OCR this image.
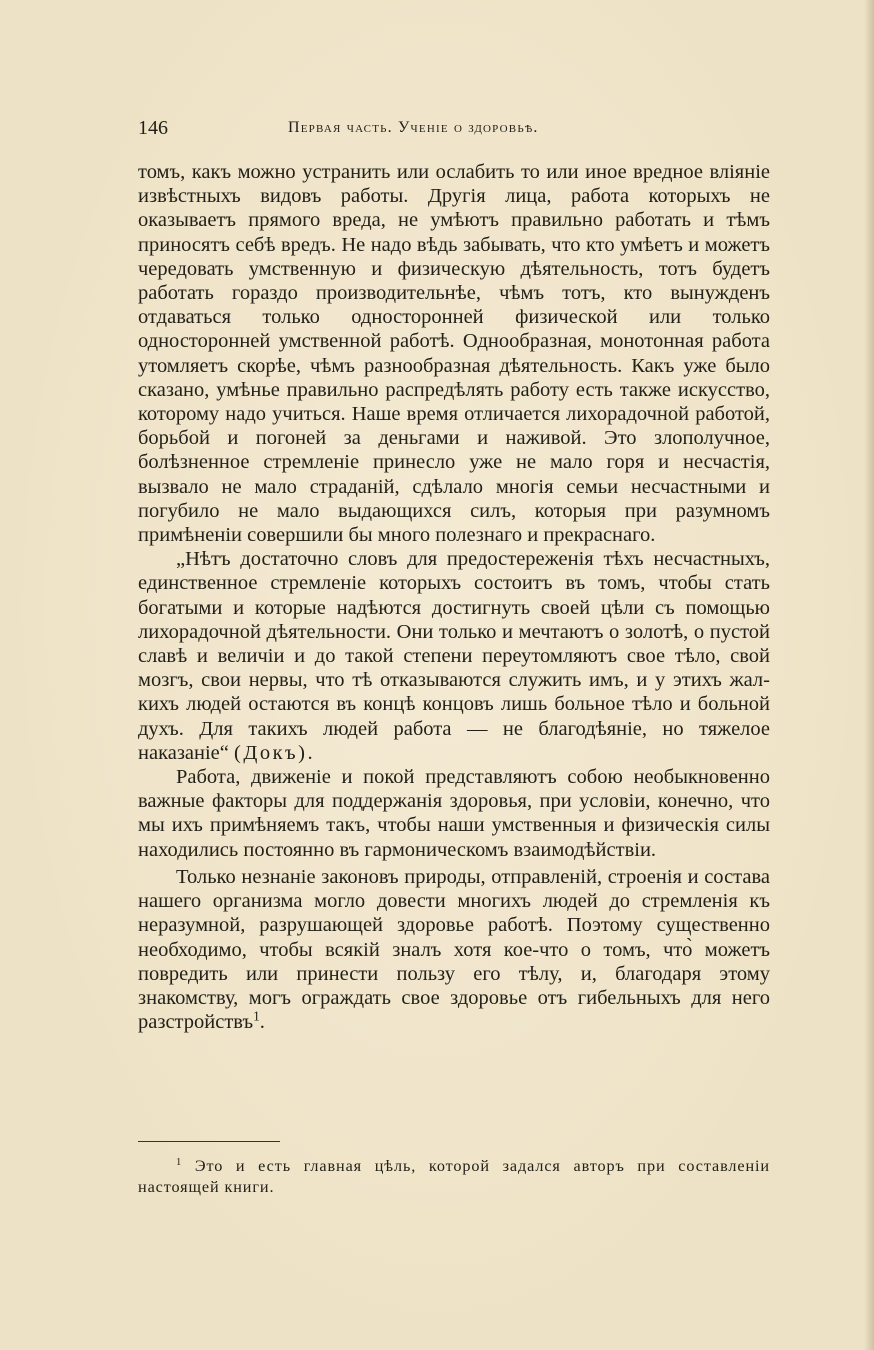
146	Первая часть. Ученіе о здоровьѣ.

томъ, какъ можно устранить или ослабить то или иное вредное вліяніе извѣстныхъ видовъ работы. Другія лица, работа которыхъ не оказываетъ прямого вреда, не умѣютъ правильно работать и тѣмъ приносятъ себѣ вредъ. Не надо вѣдь забывать, что кто умѣетъ и можетъ чередовать умственную и физическую дѣятельность, тотъ будетъ работать гораздо производительнѣе, чѣмъ тотъ, кто вынужденъ отдаваться только односторонней физической или только односторонней умственной работѣ. Однообразная, монотонная работа утомляетъ скорѣе, чѣмъ разнообразная дѣятельность. Какъ уже было сказано, умѣнье правильно распредѣлять работу есть также искусство, которому надо учиться. Наше время отличается лихорадочной работой, борьбой и погоней за деньгами и наживой. Это злополучное, болѣзненное стремленіе принесло уже не мало горя и несчастія, вызвало не мало страданій, сдѣлало многія семьи несчастными и погубило не мало выдающихся силъ, которыя при разумномъ примѣненіи совершили бы много полезнаго и прекраснаго.

„Нѣтъ достаточно словъ для предостереженія тѣхъ несчастныхъ, единственное стремленіе которыхъ состоитъ въ томъ, чтобы стать богатыми и которые надѣются достигнуть своей цѣли съ помощью лихорадочной дѣятельности. Они только и мечтаютъ о золотѣ, о пустой славѣ и величіи и до такой степени переутомляютъ свое тѣло, свой мозгъ, свои нервы, что тѣ отказываются служить имъ, и у этихъ жалкихъ людей остаются въ концѣ концовъ лишь больное тѣло и больной духъ. Для такихъ людей работа — не благодѣяніе, но тяжелое наказаніе“ (Докъ).

Работа, движеніе и покой представляютъ собою необыкновенно важные факторы для поддержанія здоровья, при условіи, конечно, что мы ихъ примѣняемъ такъ, чтобы наши умственныя и физическія силы находились постоянно въ гармоническомъ взаимодѣйствіи.

Только незнаніе законовъ природы, отправленій, строенія и состава нашего организма могло довести многихъ людей до стремленія къ неразумной, разрушающей здоровье работѣ. Поэтому существенно необходимо, чтобы всякій зналъ хотя кое-что о томъ, что̀ можетъ повредить или принести пользу его тѣлу, и, благодаря этому знакомству, могъ ограждать свое здоровье отъ гибельныхъ для него разстройствъ$^1$.

$^1$ Это и есть главная цѣль, которой задался авторъ при составленіи настоящей книги.
